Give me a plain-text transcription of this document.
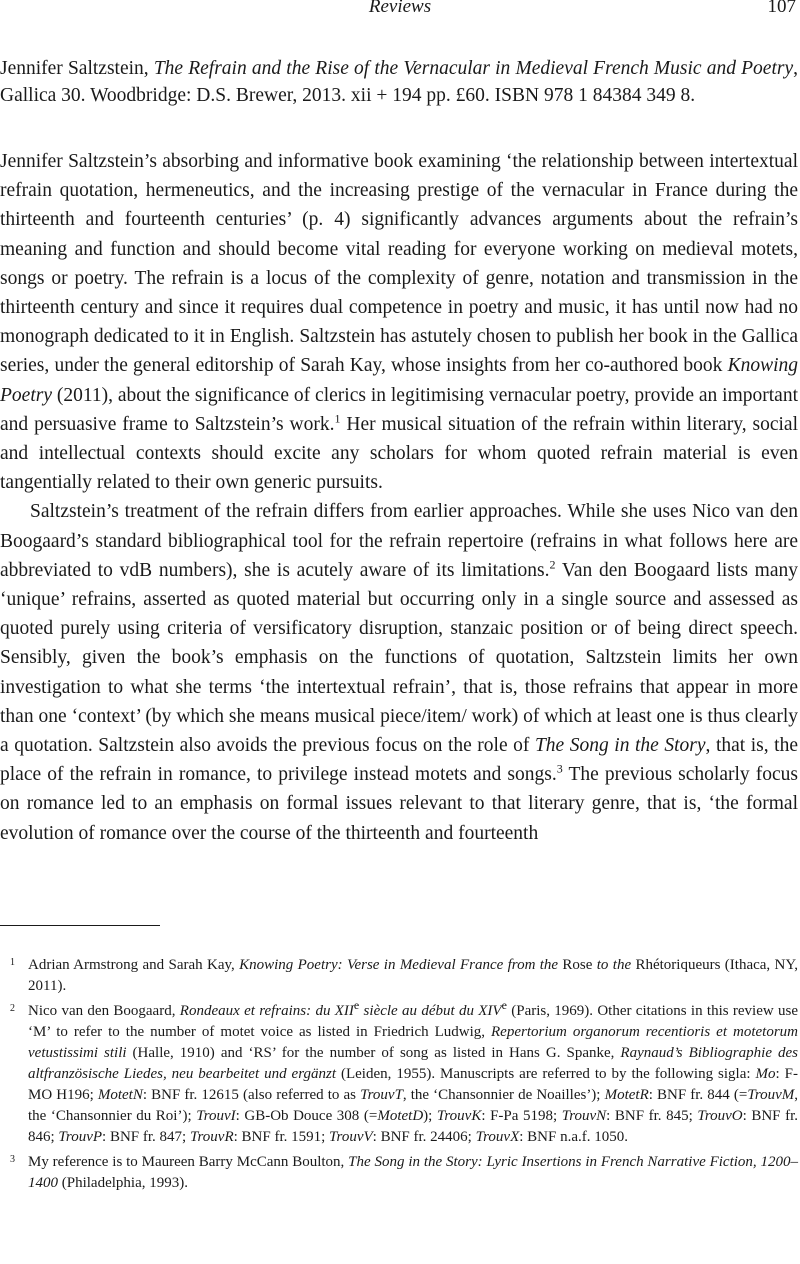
Reviews	107
Jennifer Saltzstein, The Refrain and the Rise of the Vernacular in Medieval French Music and Poetry, Gallica 30. Woodbridge: D.S. Brewer, 2013. xii + 194 pp. £60. ISBN 978 1 84384 349 8.

Jennifer Saltzstein’s absorbing and informative book examining ‘the relationship between intertextual refrain quotation, hermeneutics, and the increasing prestige of the vernacular in France during the thirteenth and fourteenth centuries’ (p. 4) significantly advances arguments about the refrain’s meaning and function and should become vital reading for everyone working on medieval motets, songs or poetry. The refrain is a locus of the complexity of genre, notation and transmission in the thirteenth century and since it requires dual competence in poetry and music, it has until now had no monograph dedicated to it in English. Saltzstein has astutely chosen to publish her book in the Gallica series, under the general editorship of Sarah Kay, whose insights from her co-authored book Knowing Poetry (2011), about the significance of clerics in legitimising vernacular poetry, provide an important and persuasive frame to Saltzstein’s work.$^1$ Her musical situation of the refrain within literary, social and intellectual contexts should excite any scholars for whom quoted refrain material is even tangentially related to their own generic pursuits.

Saltzstein’s treatment of the refrain differs from earlier approaches. While she uses Nico van den Boogaard’s standard bibliographical tool for the refrain repertoire (refrains in what follows here are abbreviated to vdB numbers), she is acutely aware of its limitations.$^2$ Van den Boogaard lists many ‘unique’ refrains, asserted as quoted material but occurring only in a single source and assessed as quoted purely using criteria of versificatory disruption, stanzaic position or of being direct speech. Sensibly, given the book’s emphasis on the functions of quotation, Saltzstein limits her own investigation to what she terms ‘the intertextual refrain’, that is, those refrains that appear in more than one ‘context’ (by which she means musical piece/item/ work) of which at least one is thus clearly a quotation. Saltzstein also avoids the previous focus on the role of The Song in the Story, that is, the place of the refrain in romance, to privilege instead motets and songs.$^3$ The previous scholarly focus on romance led to an emphasis on formal issues relevant to that literary genre, that is, ‘the formal evolution of romance over the course of the thirteenth and fourteenth

1 Adrian Armstrong and Sarah Kay, Knowing Poetry: Verse in Medieval France from the Rose to the Rhétoriqueurs (Ithaca, NY, 2011).
2 Nico van den Boogaard, Rondeaux et refrains: du XIIe siècle au début du XIVe (Paris, 1969). Other citations in this review use ‘M’ to refer to the number of motet voice as listed in Friedrich Ludwig, Repertorium organorum recentioris et motetorum vetustissimi stili (Halle, 1910) and ‘RS’ for the number of song as listed in Hans G. Spanke, Raynaud’s Bibliographie des altfranzösische Liedes, neu bearbeitet und ergänzt (Leiden, 1955). Manuscripts are referred to by the following sigla: Mo: F-MO H196; MotetN: BNF fr. 12615 (also referred to as TrouvT, the ‘Chansonnier de Noailles’); MotetR: BNF fr. 844 (=TrouvM, the ‘Chansonnier du Roi’); TrouvI: GB-Ob Douce 308 (=MotetD); TrouvK: F-Pa 5198; TrouvN: BNF fr. 845; TrouvO: BNF fr. 846; TrouvP: BNF fr. 847; TrouvR: BNF fr. 1591; TrouvV: BNF fr. 24406; TrouvX: BNF n.a.f. 1050.
3 My reference is to Maureen Barry McCann Boulton, The Song in the Story: Lyric Insertions in French Narrative Fiction, 1200–1400 (Philadelphia, 1993).
